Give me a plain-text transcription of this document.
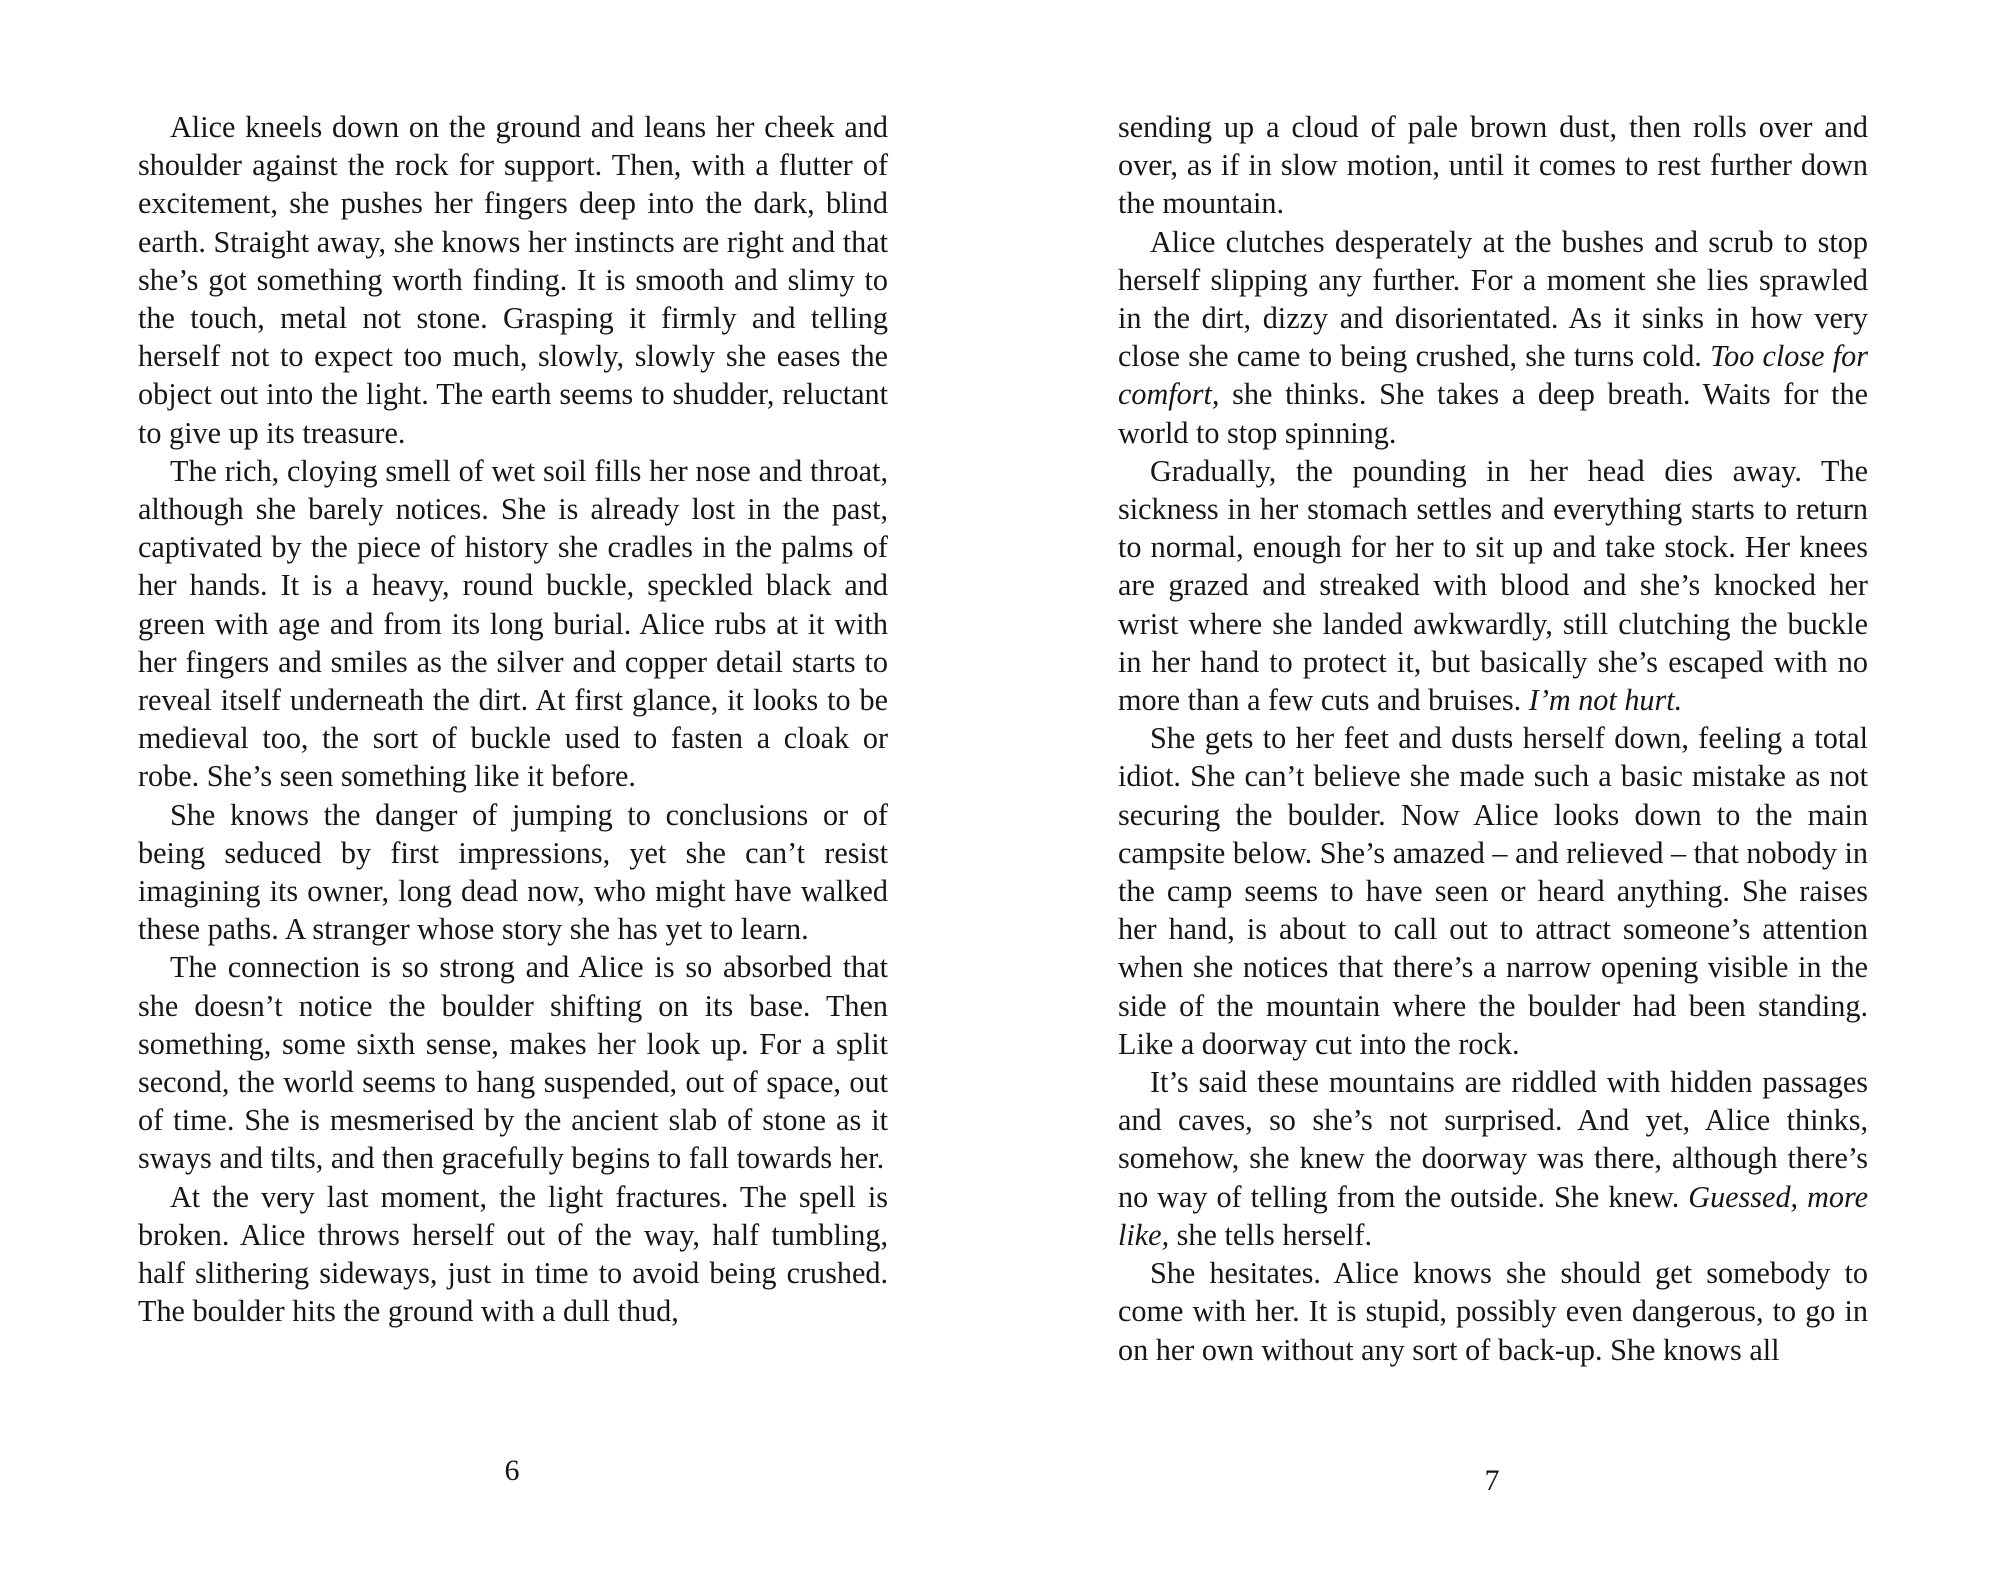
Alice kneels down on the ground and leans her cheek and shoulder against the rock for support. Then, with a flutter of excitement, she pushes her fingers deep into the dark, blind earth. Straight away, she knows her instincts are right and that she’s got something worth finding. It is smooth and slimy to the touch, metal not stone. Grasping it firmly and telling herself not to expect too much, slowly, slowly she eases the object out into the light. The earth seems to shudder, reluctant to give up its treasure.

The rich, cloying smell of wet soil fills her nose and throat, although she barely notices. She is already lost in the past, captivated by the piece of history she cradles in the palms of her hands. It is a heavy, round buckle, speckled black and green with age and from its long burial. Alice rubs at it with her fingers and smiles as the silver and copper detail starts to reveal itself underneath the dirt. At first glance, it looks to be medieval too, the sort of buckle used to fasten a cloak or robe. She’s seen something like it before.

She knows the danger of jumping to conclusions or of being seduced by first impressions, yet she can’t resist imagining its owner, long dead now, who might have walked these paths. A stranger whose story she has yet to learn.

The connection is so strong and Alice is so absorbed that she doesn’t notice the boulder shifting on its base. Then something, some sixth sense, makes her look up. For a split second, the world seems to hang suspended, out of space, out of time. She is mesmerised by the ancient slab of stone as it sways and tilts, and then gracefully begins to fall towards her.

At the very last moment, the light fractures. The spell is broken. Alice throws herself out of the way, half tumbling, half slithering sideways, just in time to avoid being crushed. The boulder hits the ground with a dull thud,

6

sending up a cloud of pale brown dust, then rolls over and over, as if in slow motion, until it comes to rest further down the mountain.

Alice clutches desperately at the bushes and scrub to stop herself slipping any further. For a moment she lies sprawled in the dirt, dizzy and disorientated. As it sinks in how very close she came to being crushed, she turns cold. Too close for comfort, she thinks. She takes a deep breath. Waits for the world to stop spinning.

Gradually, the pounding in her head dies away. The sickness in her stomach settles and everything starts to return to normal, enough for her to sit up and take stock. Her knees are grazed and streaked with blood and she’s knocked her wrist where she landed awkwardly, still clutching the buckle in her hand to protect it, but basically she’s escaped with no more than a few cuts and bruises. I’m not hurt.

She gets to her feet and dusts herself down, feeling a total idiot. She can’t believe she made such a basic mistake as not securing the boulder. Now Alice looks down to the main campsite below. She’s amazed – and relieved – that nobody in the camp seems to have seen or heard anything. She raises her hand, is about to call out to attract someone’s attention when she notices that there’s a narrow opening visible in the side of the mountain where the boulder had been standing. Like a doorway cut into the rock.

It’s said these mountains are riddled with hidden passages and caves, so she’s not surprised. And yet, Alice thinks, somehow, she knew the doorway was there, although there’s no way of telling from the outside. She knew. Guessed, more like, she tells herself.

She hesitates. Alice knows she should get somebody to come with her. It is stupid, possibly even dangerous, to go in on her own without any sort of back-up. She knows all

7
